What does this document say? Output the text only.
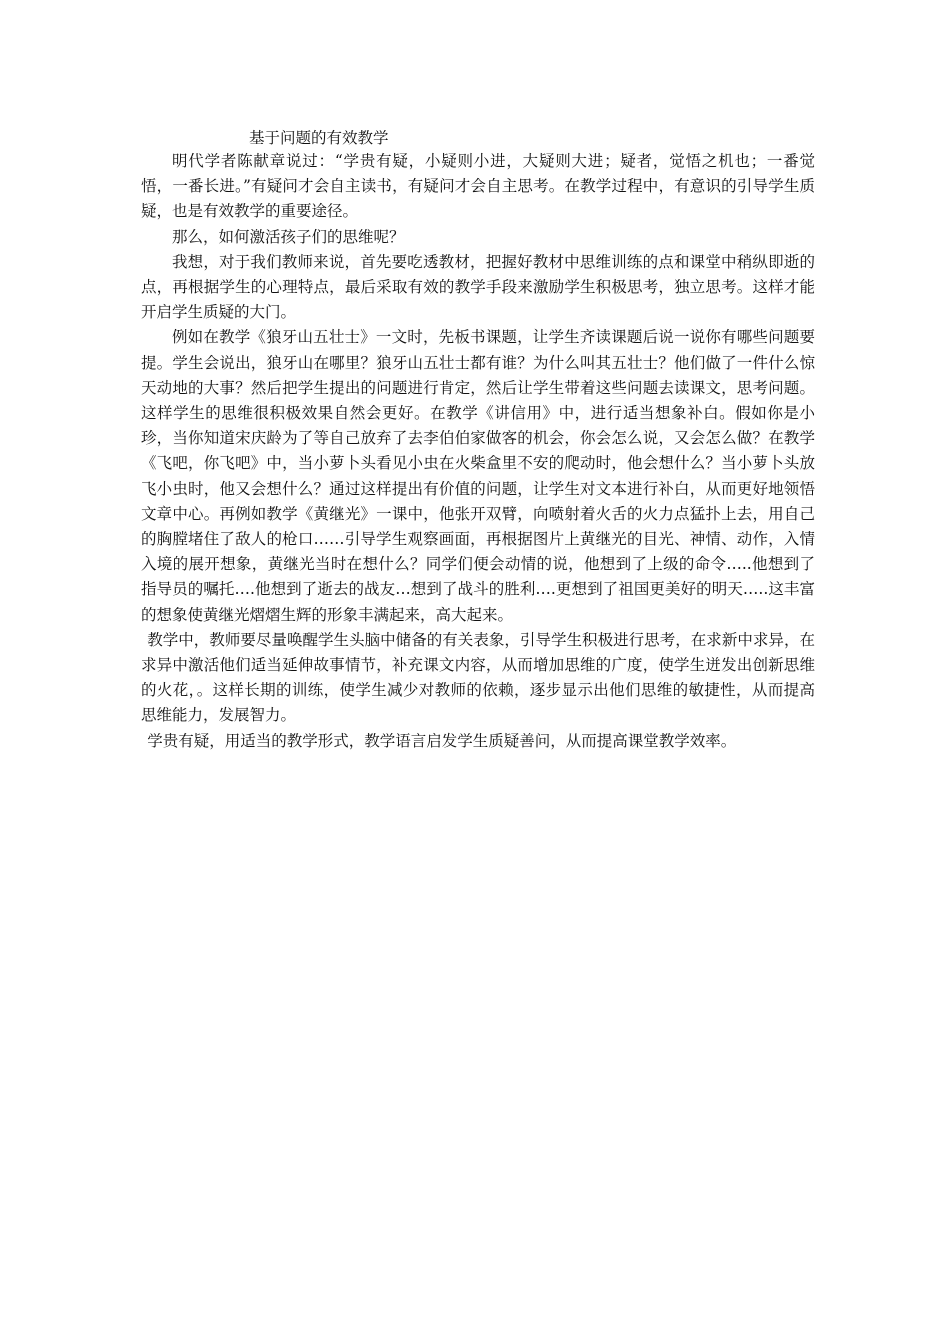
基于问题的有效教学

明代学者陈献章说过：“学贵有疑，小疑则小进，大疑则大进；疑者，觉悟之机也；一番觉悟，一番长进。”有疑问才会自主读书，有疑问才会自主思考。在教学过程中，有意识的引导学生质疑，也是有效教学的重要途径。

那么，如何激活孩子们的思维呢？

我想，对于我们教师来说，首先要吃透教材，把握好教材中思维训练的点和课堂中稍纵即逝的点，再根据学生的心理特点，最后采取有效的教学手段来激励学生积极思考，独立思考。这样才能开启学生质疑的大门。

例如在教学《狼牙山五壮士》一文时，先板书课题，让学生齐读课题后说一说你有哪些问题要提。学生会说出，狼牙山在哪里？狼牙山五壮士都有谁？为什么叫其五壮士？他们做了一件什么惊天动地的大事？然后把学生提出的问题进行肯定，然后让学生带着这些问题去读课文，思考问题。这样学生的思维很积极效果自然会更好。在教学《讲信用》中，进行适当想象补白。假如你是小珍，当你知道宋庆龄为了等自己放弃了去李伯伯家做客的机会，你会怎么说，又会怎么做？在教学《飞吧，你飞吧》中，当小萝卜头看见小虫在火柴盒里不安的爬动时，他会想什么？当小萝卜头放飞小虫时，他又会想什么？通过这样提出有价值的问题，让学生对文本进行补白，从而更好地领悟文章中心。再例如教学《黄继光》一课中，他张开双臂，向喷射着火舌的火力点猛扑上去，用自己的胸膛堵住了敌人的枪口……引导学生观察画面，再根据图片上黄继光的目光、神情、动作，入情入境的展开想象，黄继光当时在想什么？同学们便会动情的说，他想到了上级的命令…..他想到了指导员的嘱托….他想到了逝去的战友…想到了战斗的胜利….更想到了祖国更美好的明天…..这丰富的想象使黄继光熠熠生辉的形象丰满起来，高大起来。

教学中，教师要尽量唤醒学生头脑中储备的有关表象，引导学生积极进行思考，在求新中求异，在求异中激活他们适当延伸故事情节，补充课文内容，从而增加思维的广度，使学生迸发出创新思维的火花，。这样长期的训练，使学生减少对教师的依赖，逐步显示出他们思维的敏捷性，从而提高思维能力，发展智力。

学贵有疑，用适当的教学形式，教学语言启发学生质疑善问，从而提高课堂教学效率。
